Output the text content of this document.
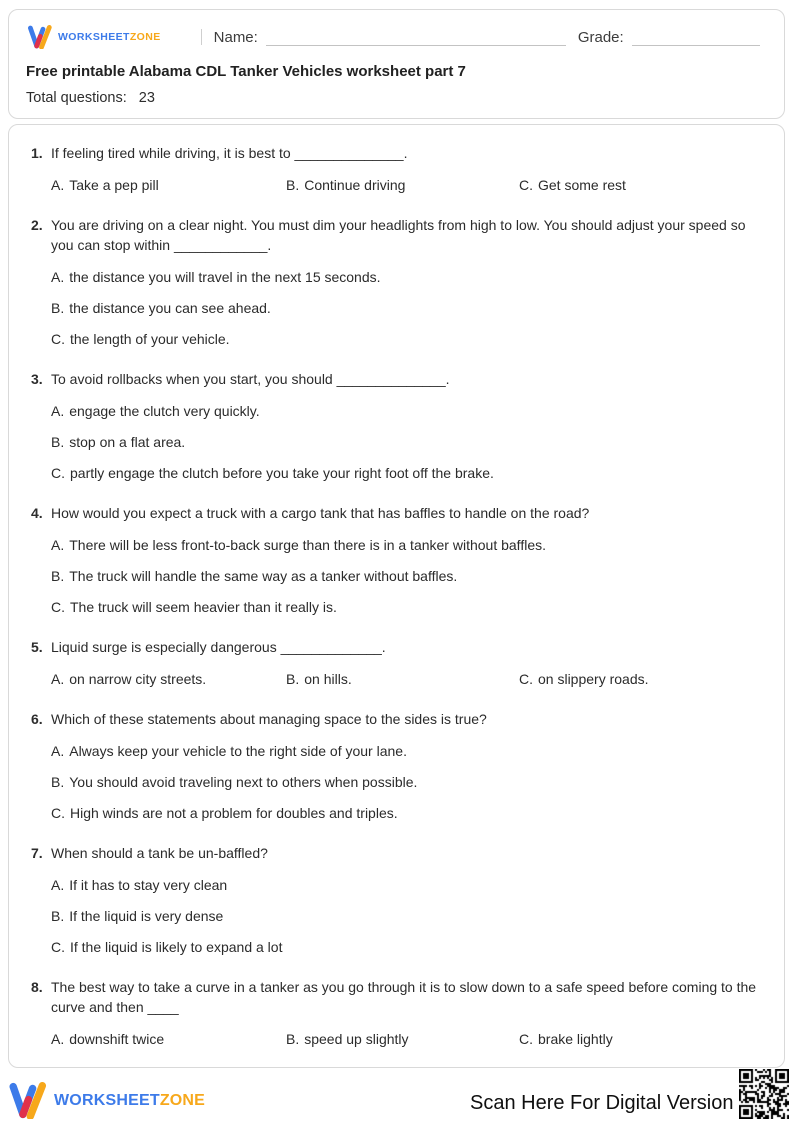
WORKSHEETZONE	Name:	Grade:
Free printable Alabama CDL Tanker Vehicles worksheet part 7
Total questions: 23
1. If feeling tired while driving, it is best to ______________.
A. Take a pep pill	B. Continue driving	C. Get some rest
2. You are driving on a clear night. You must dim your headlights from high to low. You should adjust your speed so you can stop within ____________.
A. the distance you will travel in the next 15 seconds.
B. the distance you can see ahead.
C. the length of your vehicle.
3. To avoid rollbacks when you start, you should ______________.
A. engage the clutch very quickly.
B. stop on a flat area.
C. partly engage the clutch before you take your right foot off the brake.
4. How would you expect a truck with a cargo tank that has baffles to handle on the road?
A. There will be less front-to-back surge than there is in a tanker without baffles.
B. The truck will handle the same way as a tanker without baffles.
C. The truck will seem heavier than it really is.
5. Liquid surge is especially dangerous _____________.
A. on narrow city streets.	B. on hills.	C. on slippery roads.
6. Which of these statements about managing space to the sides is true?
A. Always keep your vehicle to the right side of your lane.
B. You should avoid traveling next to others when possible.
C. High winds are not a problem for doubles and triples.
7. When should a tank be un-baffled?
A. If it has to stay very clean
B. If the liquid is very dense
C. If the liquid is likely to expand a lot
8. The best way to take a curve in a tanker as you go through it is to slow down to a safe speed before coming to the curve and then ____
A. downshift twice	B. speed up slightly	C. brake lightly
WORKSHEETZONE	Scan Here For Digital Version
